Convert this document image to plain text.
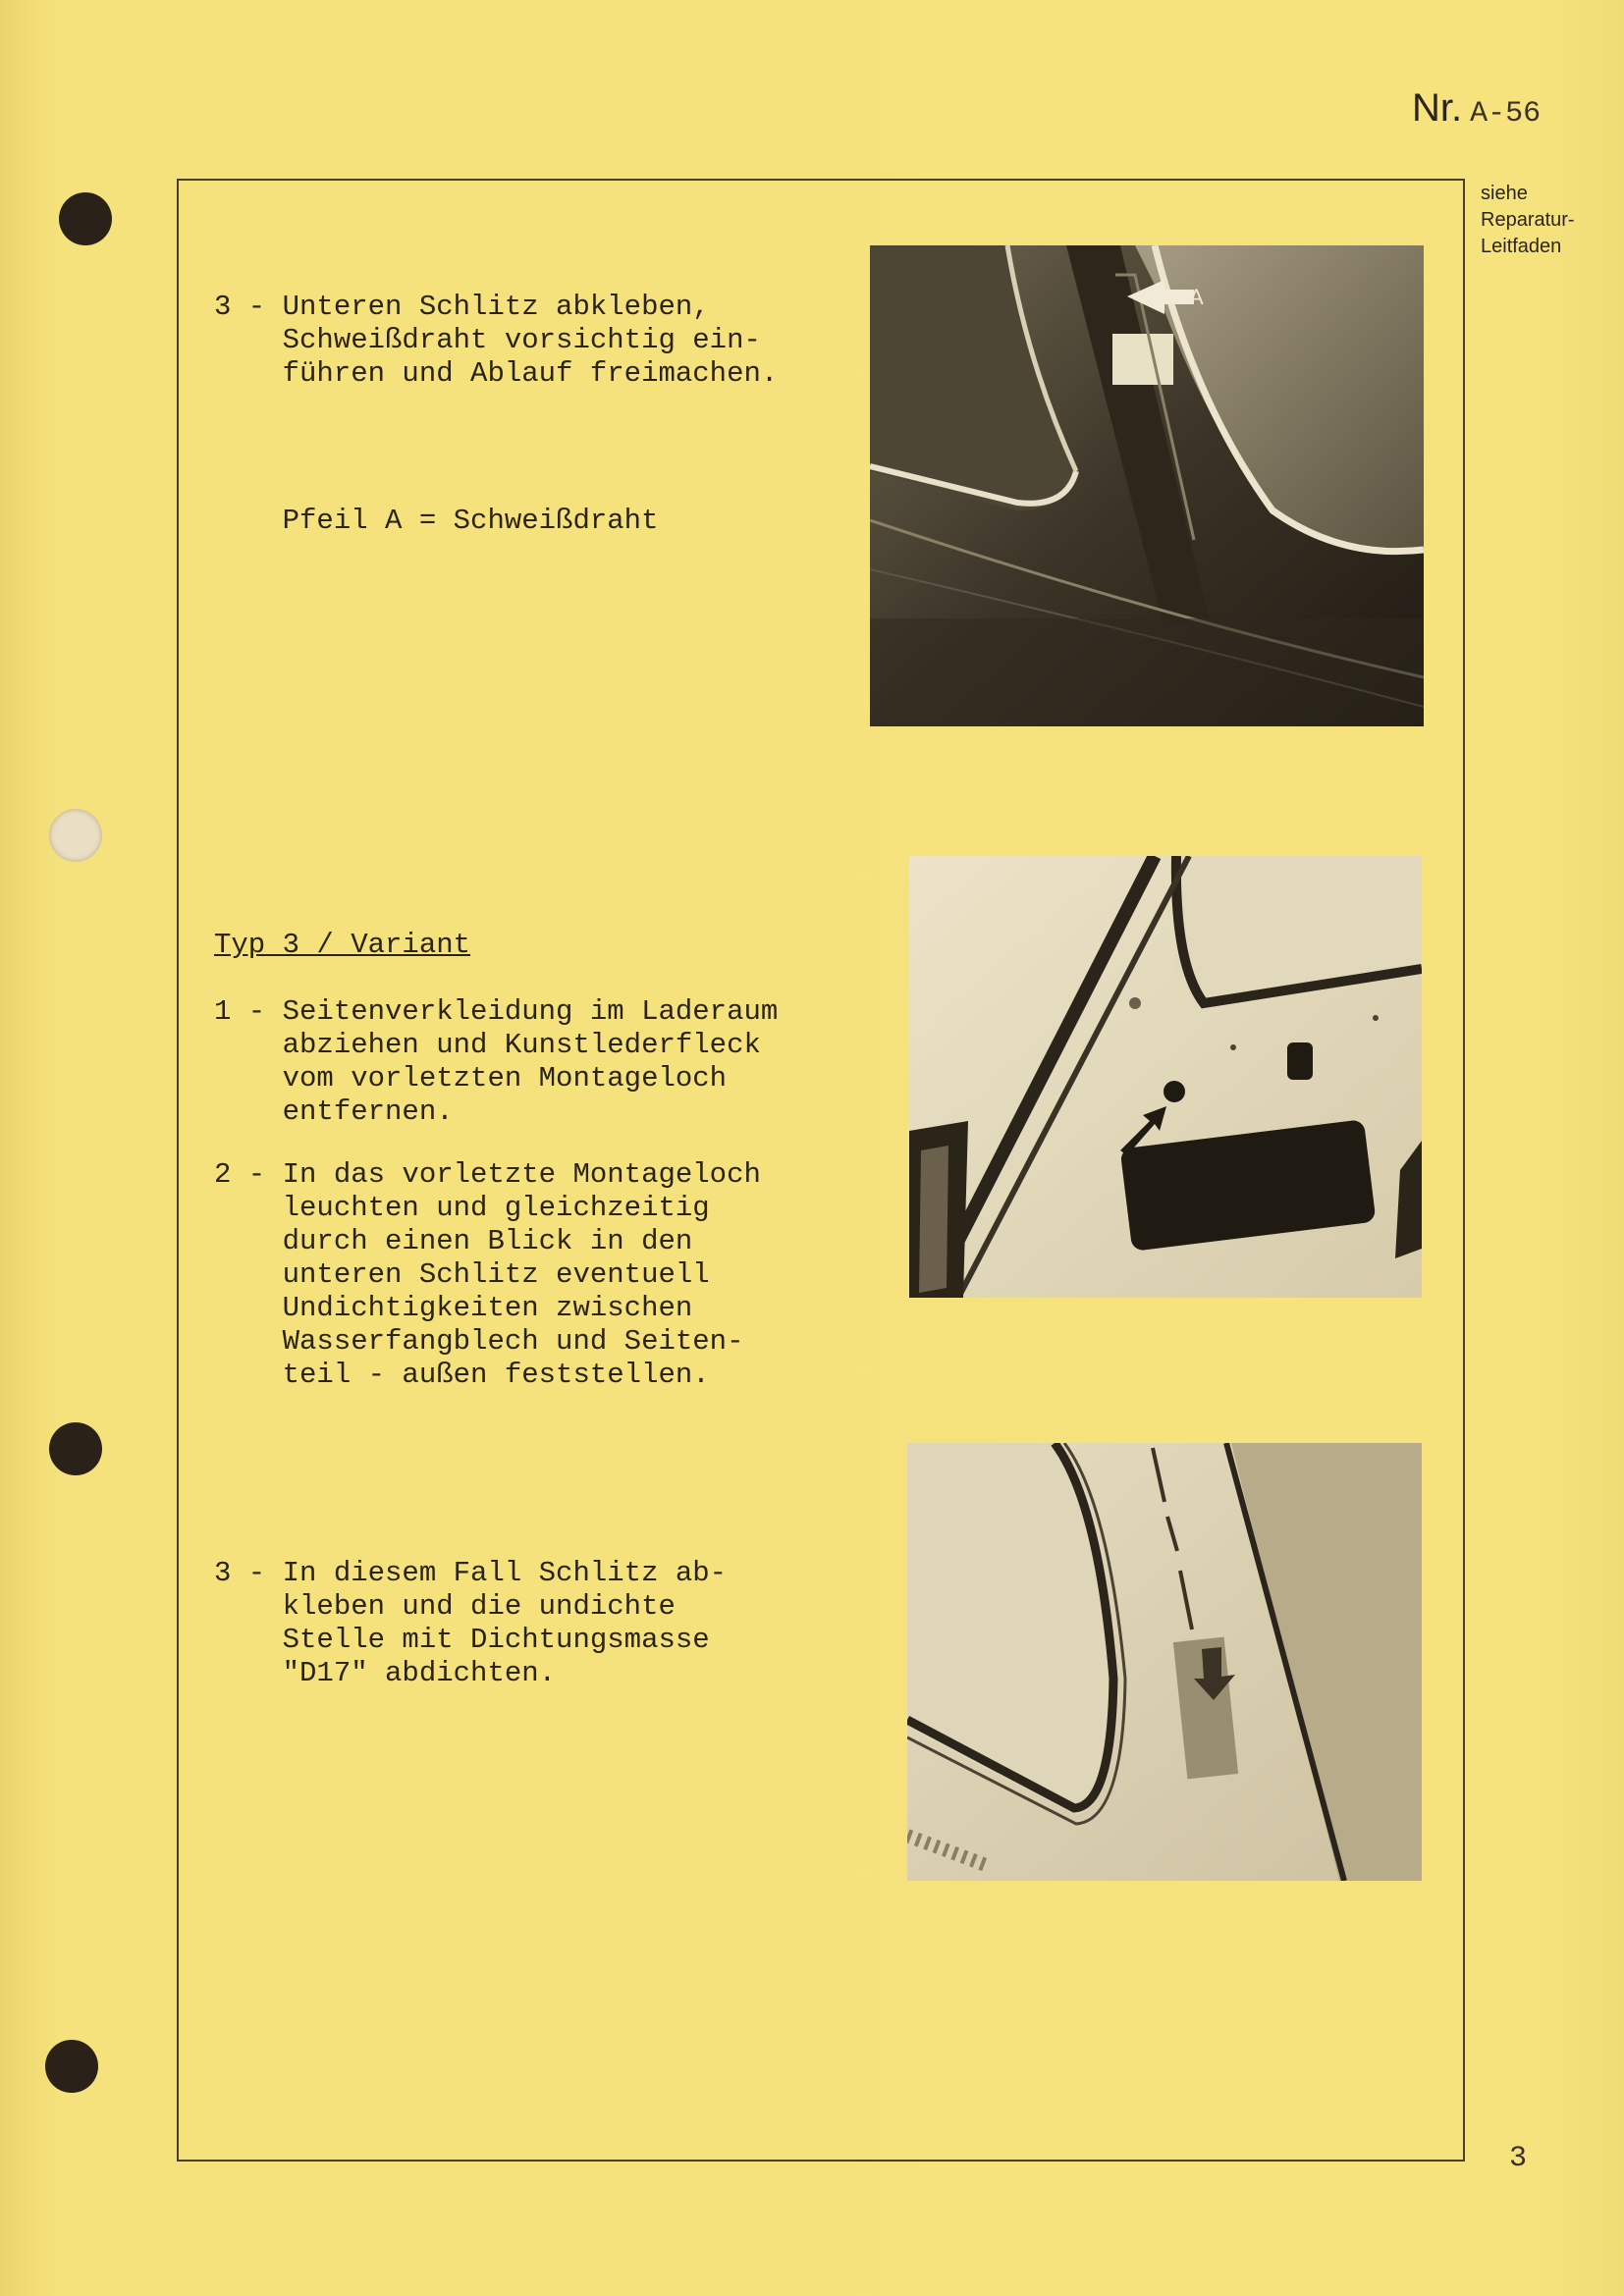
Nr. A-56
siehe
Reparatur-
Leitfaden
3 - Unteren Schlitz abkleben,
Schweißdraht vorsichtig ein-
führen und Ablauf freimachen.
Pfeil A = Schweißdraht
A
Typ 3 / Variant
1 - Seitenverkleidung im Laderaum
abziehen und Kunstlederfleck
vom vorletzten Montageloch
entfernen.
2 - In das vorletzte Montageloch
leuchten und gleichzeitig
durch einen Blick in den
unteren Schlitz eventuell
Undichtigkeiten zwischen
Wasserfangblech und Seiten-
teil - außen feststellen.
3 - In diesem Fall Schlitz ab-
kleben und die undichte
Stelle mit Dichtungsmasse
"D17" abdichten.
3
